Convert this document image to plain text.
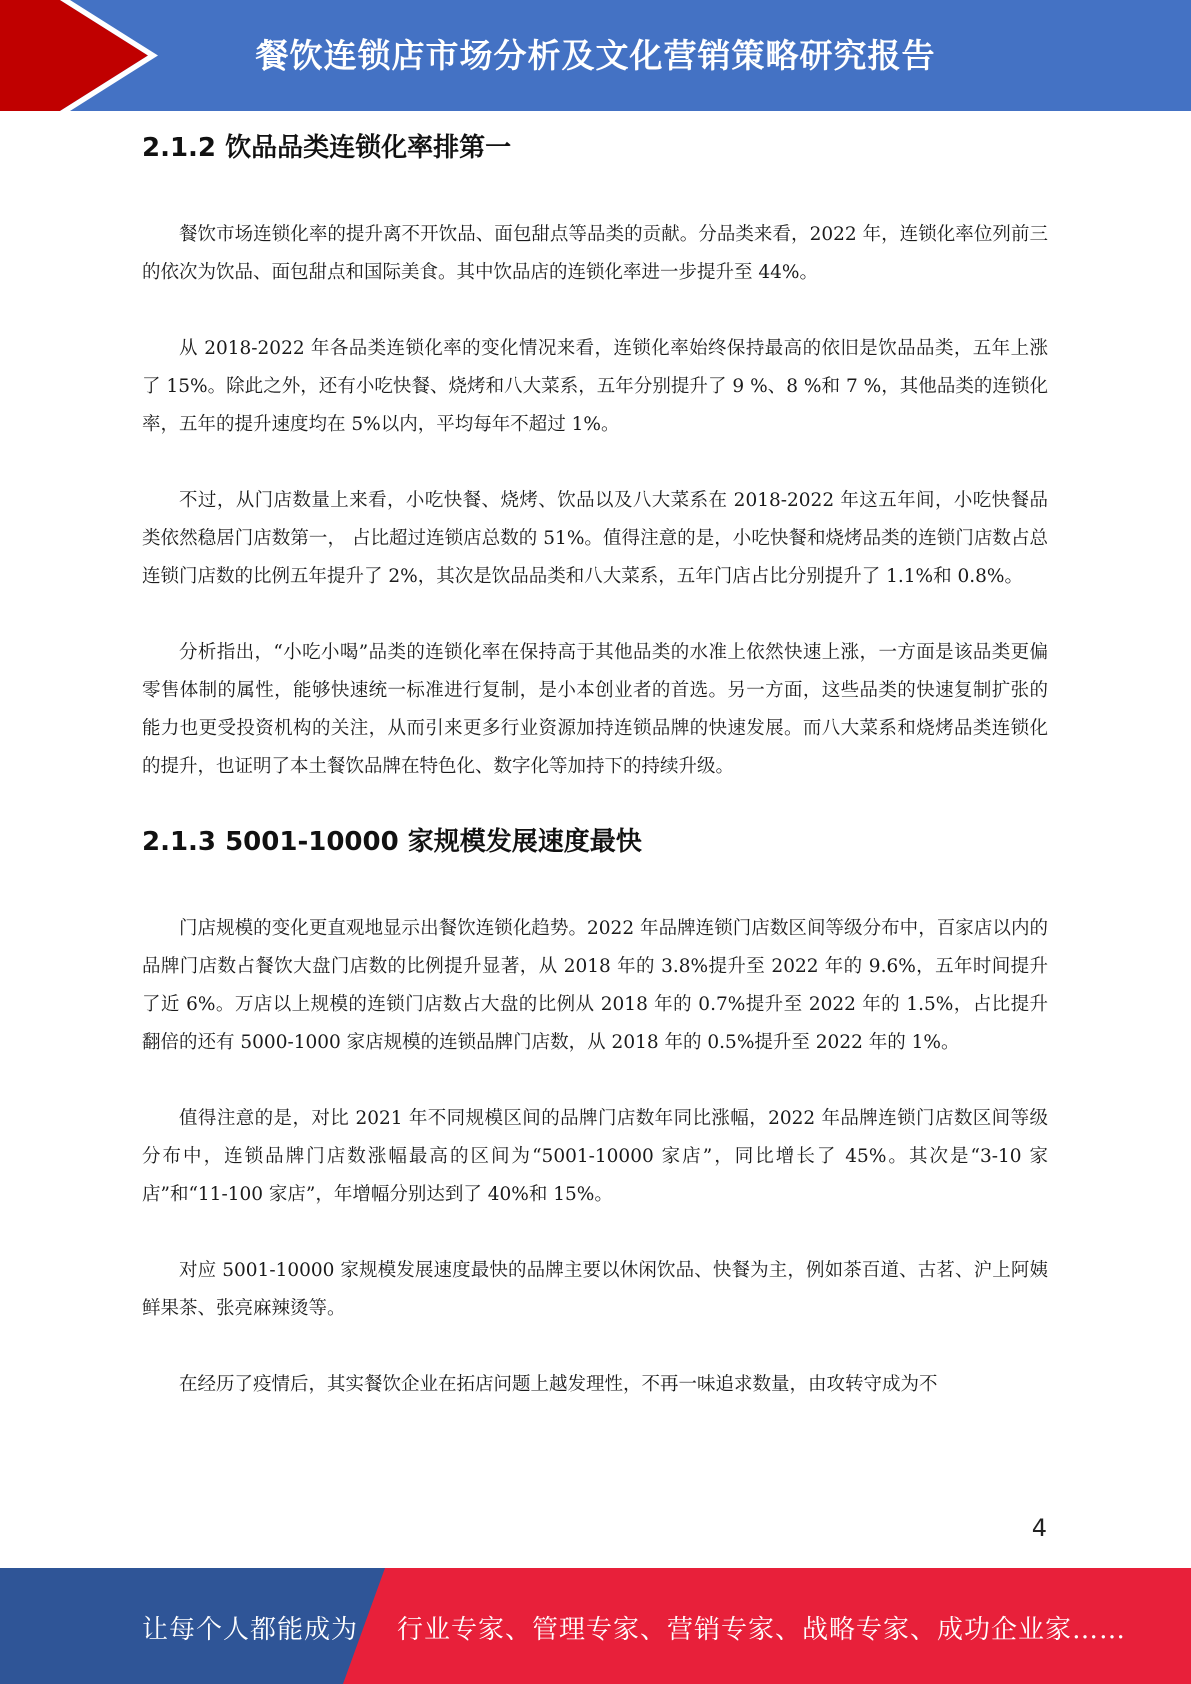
餐饮连锁店市场分析及文化营销策略研究报告
2.1.2 饮品品类连锁化率排第一

餐饮市场连锁化率的提升离不开饮品、面包甜点等品类的贡献。分品类来看，2022 年，连锁化率位列前三的依次为饮品、面包甜点和国际美食。其中饮品店的连锁化率进一步提升至 44%。

从 2018-2022 年各品类连锁化率的变化情况来看，连锁化率始终保持最高的依旧是饮品品类，五年上涨了 15%。除此之外，还有小吃快餐、烧烤和八大菜系，五年分别提升了 9 %、8 %和 7 %，其他品类的连锁化率，五年的提升速度均在 5%以内，平均每年不超过 1%。

不过，从门店数量上来看，小吃快餐、烧烤、饮品以及八大菜系在 2018-2022 年这五年间，小吃快餐品类依然稳居门店数第一， 占比超过连锁店总数的 51%。值得注意的是，小吃快餐和烧烤品类的连锁门店数占总连锁门店数的比例五年提升了 2%，其次是饮品品类和八大菜系，五年门店占比分别提升了 1.1%和 0.8%。

分析指出，“小吃小喝”品类的连锁化率在保持高于其他品类的水准上依然快速上涨，一方面是该品类更偏零售体制的属性，能够快速统一标准进行复制，是小本创业者的首选。另一方面，这些品类的快速复制扩张的能力也更受投资机构的关注，从而引来更多行业资源加持连锁品牌的快速发展。而八大菜系和烧烤品类连锁化的提升，也证明了本土餐饮品牌在特色化、数字化等加持下的持续升级。

2.1.3 5001-10000 家规模发展速度最快

门店规模的变化更直观地显示出餐饮连锁化趋势。2022 年品牌连锁门店数区间等级分布中，百家店以内的品牌门店数占餐饮大盘门店数的比例提升显著，从 2018 年的 3.8%提升至 2022 年的 9.6%，五年时间提升了近 6%。万店以上规模的连锁门店数占大盘的比例从 2018 年的 0.7%提升至 2022 年的 1.5%，占比提升翻倍的还有 5000-1000 家店规模的连锁品牌门店数，从 2018 年的 0.5%提升至 2022 年的 1%。

值得注意的是，对比 2021 年不同规模区间的品牌门店数年同比涨幅，2022 年品牌连锁门店数区间等级分布中，连锁品牌门店数涨幅最高的区间为“5001-10000 家店”，同比增长了 45%。其次是“3-10 家店”和“11-100 家店”，年增幅分别达到了 40%和 15%。

对应 5001-10000 家规模发展速度最快的品牌主要以休闲饮品、快餐为主，例如茶百道、古茗、沪上阿姨鲜果茶、张亮麻辣烫等。

在经历了疫情后，其实餐饮企业在拓店问题上越发理性，不再一味追求数量，由攻转守成为不

4
让每个人都能成为 行业专家、管理专家、营销专家、战略专家、成功企业家……
